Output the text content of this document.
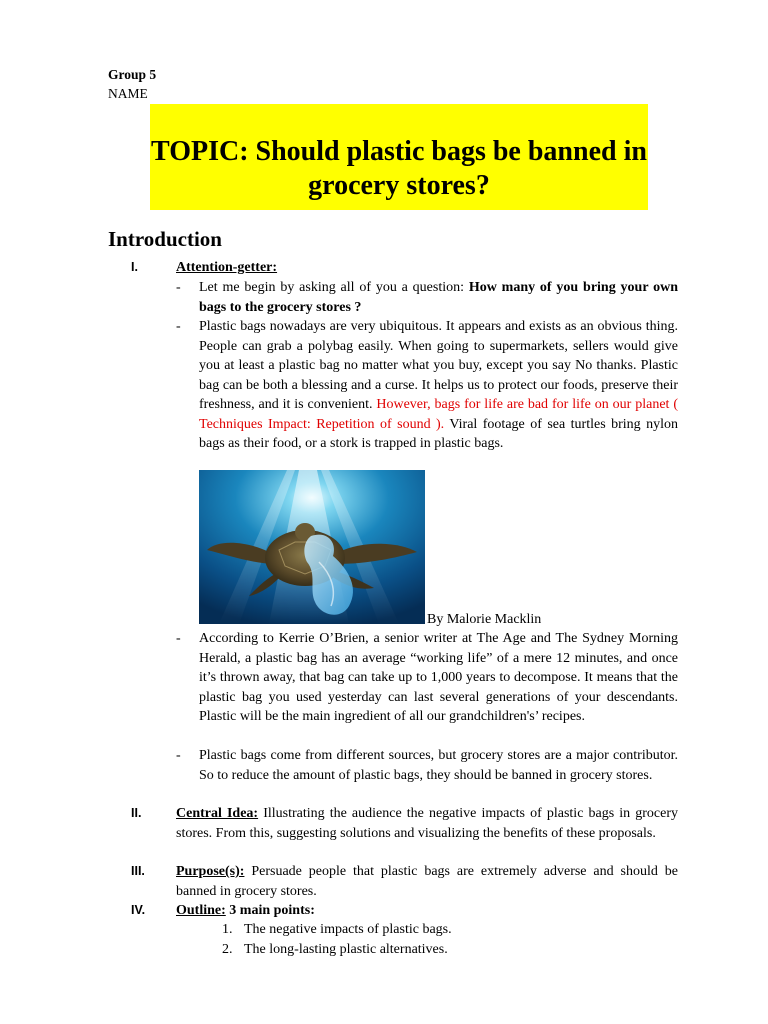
Group 5
NAME
TOPIC: Should plastic bags be banned in
grocery stores?
Introduction
I.	Attention-getter:
- Let me begin by asking all of you a question: How many of you bring your own bags to the grocery stores ?
- Plastic bags nowadays are very ubiquitous. It appears and exists as an obvious thing. People can grab a polybag easily. When going to supermarkets, sellers would give you at least a plastic bag no matter what you buy, except you say No thanks. Plastic bag can be both a blessing and a curse. It helps us to protect our foods, preserve their freshness, and it is convenient. However, bags for life are bad for life on our planet ( Techniques Impact: Repetition of sound ). Viral footage of sea turtles bring nylon bags as their food, or a stork is trapped in plastic bags.
By Malorie Macklin
- According to Kerrie O’Brien, a senior writer at The Age and The Sydney Morning Herald, a plastic bag has an average “working life” of a mere 12 minutes, and once it’s thrown away, that bag can take up to 1,000 years to decompose. It means that the plastic bag you used yesterday can last several generations of your descendants. Plastic will be the main ingredient of all our grandchildren's’ recipes.
- Plastic bags come from different sources, but grocery stores are a major contributor. So to reduce the amount of plastic bags, they should be banned in grocery stores.
II. Central Idea: Illustrating the audience the negative impacts of plastic bags in grocery stores. From this, suggesting solutions and visualizing the benefits of these proposals.
III. Purpose(s): Persuade people that plastic bags are extremely adverse and should be banned in grocery stores.
IV. Outline: 3 main points:
1. The negative impacts of plastic bags.
2. The long-lasting plastic alternatives.
